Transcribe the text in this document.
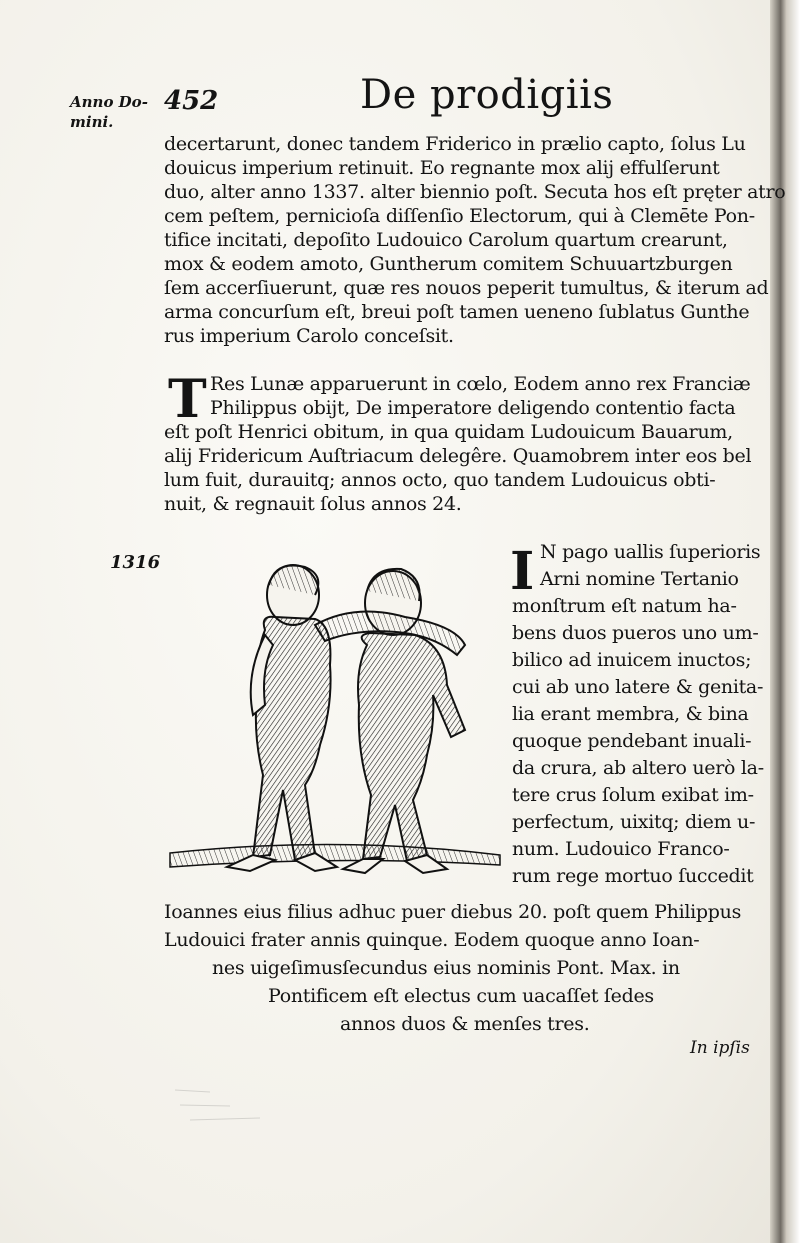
Anno Do-
mini.
452	De prodigiis
decertarunt, donec tandem Friderico in prælio capto, ſolus Lu
douicus imperium retinuit. Eo regnante mox alij effulſerunt
duo, alter anno 1337. alter biennio poſt. Secuta hos eſt pręter atro
cem peſtem, pernicioſa diſſenſio Electorum, qui à Clemēte Pon-
tifice incitati, depoſito Ludouico Carolum quartum crearunt,
mox & eodem amoto, Guntherum comitem Schuuartzburgen
ſem accerſiuerunt, quæ res nouos peperit tumultus, & iterum ad
arma concurſum eſt, breui poſt tamen ueneno ſublatus Gunthe
rus imperium Carolo conceſsit.
T Res Lunæ apparuerunt in cœlo, Eodem anno rex Franciæ
Philippus obijt, De imperatore deligendo contentio facta
eſt poſt Henrici obitum, in qua quidam Ludouicum Bauarum,
alij Fridericum Auſtriacum delegêre. Quamobrem inter eos bel
lum fuit, durauitq; annos octo, quo tandem Ludouicus obti-
nuit, & regnauit ſolus annos 24.
1316	I N pago uallis ſuperioris
Arni nomine Tertanio
monſtrum eſt natum ha-
bens duos pueros uno um-
bilico ad inuicem inuctos;
cui ab uno latere & genita-
lia erant membra, & bina
quoque pendebant inuali-
da crura, ab altero uerò la-
tere crus ſolum exibat im-
perfectum, uixitq; diem u-
num. Ludouico Franco-
rum rege mortuo ſuccedit
Ioannes eius filius adhuc puer diebus 20. poſt quem Philippus
Ludouici frater annis quinque. Eodem quoque anno Ioan-
nes uigeſimusſecundus eius nominis Pont. Max. in
Pontificem eſt electus cum uacaſſet ſedes
annos duos & menſes tres.
In ipſis
